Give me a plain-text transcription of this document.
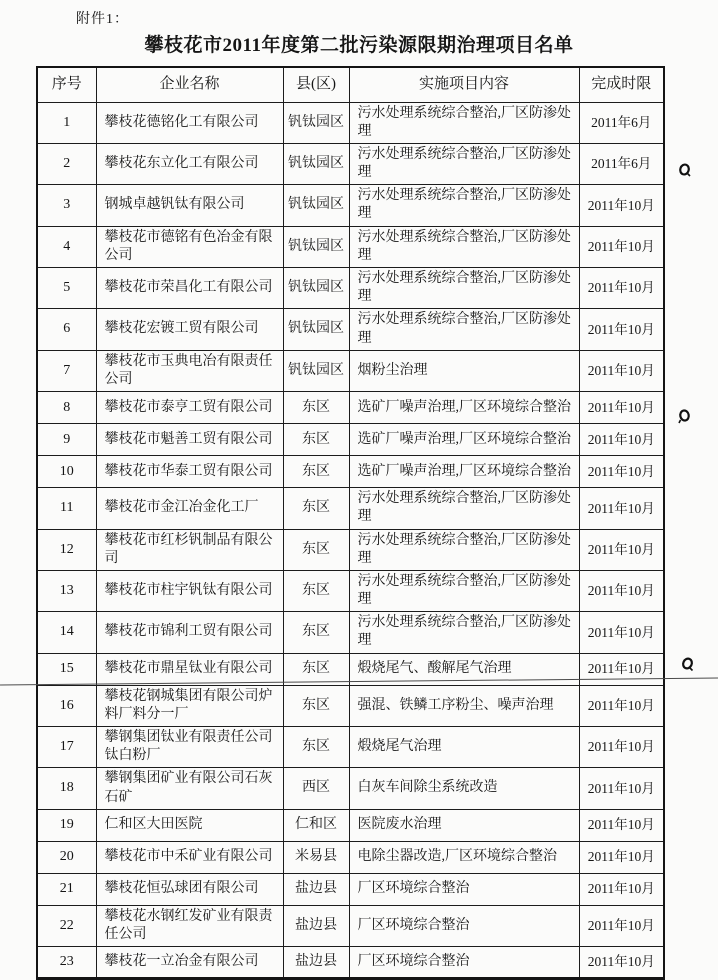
附件1：
攀枝花市2011年度第二批污染源限期治理项目名单
序号	企业名称	县(区)	实施项目内容	完成时限
1	攀枝花德铭化工有限公司	钒钛园区	污水处理系统综合整治,厂区防渗处理	2011年6月
2	攀枝花东立化工有限公司	钒钛园区	污水处理系统综合整治,厂区防渗处理	2011年6月
3	钢城卓越钒钛有限公司	钒钛园区	污水处理系统综合整治,厂区防渗处理	2011年10月
4	攀枝花市德铭有色冶金有限公司	钒钛园区	污水处理系统综合整治,厂区防渗处理	2011年10月
5	攀枝花市荣昌化工有限公司	钒钛园区	污水处理系统综合整治,厂区防渗处理	2011年10月
6	攀枝花宏镀工贸有限公司	钒钛园区	污水处理系统综合整治,厂区防渗处理	2011年10月
7	攀枝花市玉典电冶有限责任公司	钒钛园区	烟粉尘治理	2011年10月
8	攀枝花市泰亨工贸有限公司	东区	选矿厂噪声治理,厂区环境综合整治	2011年10月
9	攀枝花市魁善工贸有限公司	东区	选矿厂噪声治理,厂区环境综合整治	2011年10月
10	攀枝花市华泰工贸有限公司	东区	选矿厂噪声治理,厂区环境综合整治	2011年10月
11	攀枝花市金江冶金化工厂	东区	污水处理系统综合整治,厂区防渗处理	2011年10月
12	攀枝花市红杉钒制品有限公司	东区	污水处理系统综合整治,厂区防渗处理	2011年10月
13	攀枝花市柱宇钒钛有限公司	东区	污水处理系统综合整治,厂区防渗处理	2011年10月
14	攀枝花市锦利工贸有限公司	东区	污水处理系统综合整治,厂区防渗处理	2011年10月
15	攀枝花市鼎星钛业有限公司	东区	煅烧尾气、酸解尾气治理	2011年10月
16	攀枝花钢城集团有限公司炉料厂料分一厂	东区	强混、铁鳞工序粉尘、噪声治理	2011年10月
17	攀钢集团钛业有限责任公司钛白粉厂	东区	煅烧尾气治理	2011年10月
18	攀钢集团矿业有限公司石灰石矿	西区	白灰车间除尘系统改造	2011年10月
19	仁和区大田医院	仁和区	医院废水治理	2011年10月
20	攀枝花市中禾矿业有限公司	米易县	电除尘器改造,厂区环境综合整治	2011年10月
21	攀枝花恒弘球团有限公司	盐边县	厂区环境综合整治	2011年10月
22	攀枝花水钢红发矿业有限责任公司	盐边县	厂区环境综合整治	2011年10月
23	攀枝花一立冶金有限公司	盐边县	厂区环境综合整治	2011年10月
